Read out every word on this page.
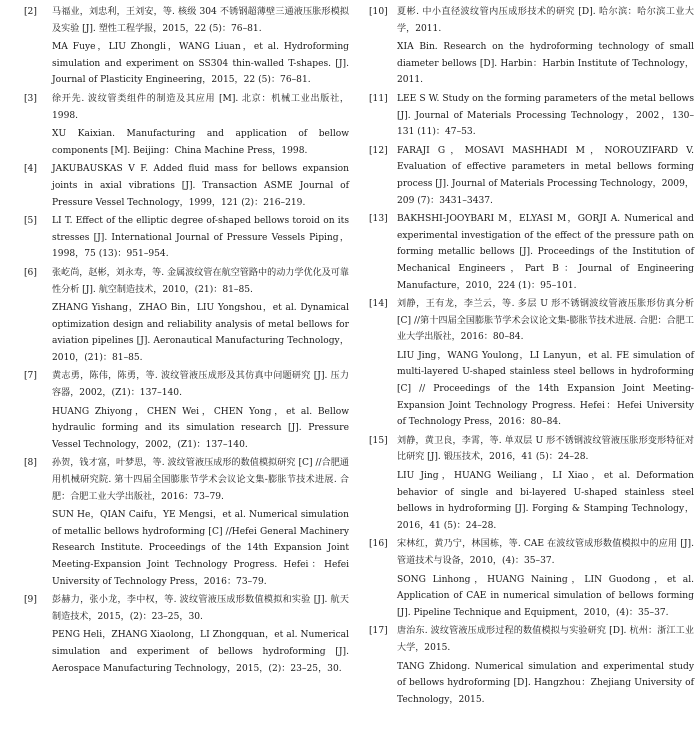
[2]	马福业，刘忠利，王刘安，等. 核级 304 不锈钢超薄壁三通液压胀形模拟及实验 [J]. 塑性工程学报，2015，22 (5)：76–81.
MA Fuye，LIU Zhongli，WANG Liuan，et al. Hydroforming simulation and experiment on SS304 thin-walled T-shapes. [J]. Journal of Plasticity Engineering，2015，22 (5)：76–81.
[3]	徐开先. 波纹管类组件的制造及其应用 [M]. 北京：机械工业出版社，1998.
XU Kaixian. Manufacturing and application of bellow components [M]. Beijing：China Machine Press，1998.
[4]	JAKUBAUSKAS V F. Added fluid mass for bellows expansion joints in axial vibrations [J]. Transaction ASME Journal of Pressure Vessel Technology，1999，121 (2)：216–219.
[5]	LI T. Effect of the elliptic degree of-shaped bellows toroid on its stresses [J]. International Journal of Pressure Vessels Piping，1998，75 (13)：951–954.
[6]	张屹尚，赵彬，刘永寿，等. 金属波纹管在航空管路中的动力学优化及可靠性分析 [J]. 航空制造技术，2010，(21)：81–85.
ZHANG Yishang，ZHAO Bin，LIU Yongshou，et al. Dynamical optimization design and reliability analysis of metal bellows for aviation pipelines [J]. Aeronautical Manufacturing Technology，2010，(21)：81–85.
[7]	黄志勇，陈伟，陈勇，等. 波纹管液压成形及其仿真中问题研究 [J]. 压力容器，2002，(Z1)：137–140.
HUANG Zhiyong，CHEN Wei，CHEN Yong，et al. Bellow hydraulic forming and its simulation research [J]. Pressure Vessel Technology，2002，(Z1)：137–140.
[8]	孙贺，钱才富，叶梦思，等. 波纹管液压成形的数值模拟研究 [C] //合肥通用机械研究院. 第十四届全国膨胀节学术会议论文集-膨胀节技术进展. 合肥：合肥工业大学出版社，2016：73–79.
SUN He，QIAN Caifu，YE Mengsi，et al. Numerical simulation of metallic bellows hydroforming [C] //Hefei General Machinery Research Institute. Proceedings of the 14th Expansion Joint Meeting-Expansion Joint Technology Progress. Hefei：Hefei University of Technology Press，2016：73–79.
[9]	彭赫力，张小龙，李中权，等. 波纹管液压成形数值模拟和实验 [J]. 航天制造技术，2015，(2)：23–25，30.
PENG Heli，ZHANG Xiaolong，LI Zhongquan，et al. Numerical simulation and experiment of bellows hydroforming [J]. Aerospace Manufacturing Technology，2015，(2)：23–25，30.
[10]	夏彬. 中小直径波纹管内压成形技术的研究 [D]. 哈尔滨：哈尔滨工业大学，2011.
XIA Bin. Research on the hydroforming technology of small diameter bellows [D]. Harbin：Harbin Institute of Technology，2011.
[11]	LEE S W. Study on the forming parameters of the metal bellows [J]. Journal of Materials Processing Technology，2002，130–131 (11)：47–53.
[12]	FARAJI G，MOSAVI MASHHADI M，NOROUZIFARD V. Evaluation of effective parameters in metal bellows forming process [J]. Journal of Materials Processing Technology，2009，209 (7)：3431–3437.
[13]	BAKHSHI-JOOYBARI M，ELYASI M，GORJI A. Numerical and experimental investigation of the effect of the pressure path on forming metallic bellows [J]. Proceedings of the Institution of Mechanical Engineers，Part B：Journal of Engineering Manufacture，2010，224 (1)：95–101.
[14]	刘静，王有龙，李兰云，等. 多层 U 形不锈钢波纹管液压胀形仿真分析 [C] //第十四届全国膨胀节学术会议论文集-膨胀节技术进展. 合肥：合肥工业大学出版社，2016：80–84.
LIU Jing，WANG Youlong，LI Lanyun，et al. FE simulation of multi-layered U-shaped stainless steel bellows in hydroforming [C] // Proceedings of the 14th Expansion Joint Meeting-Expansion Joint Technology Progress. Hefei：Hefei University of Technology Press，2016：80–84.
[15]	刘静，黄卫良，李霄，等. 单双层 U 形不锈钢波纹管液压胀形变形特征对比研究 [J]. 锻压技术，2016，41 (5)：24–28.
LIU Jing，HUANG Weiliang，LI Xiao，et al. Deformation behavior of single and bi-layered U-shaped stainless steel bellows in hydroforming [J]. Forging & Stamping Technology，2016，41 (5)：24–28.
[16]	宋林红，黄乃宁，林国栋，等. CAE 在波纹管成形数值模拟中的应用 [J]. 管道技术与设备，2010，(4)：35–37.
SONG Linhong，HUANG Naining，LIN Guodong，et al. Application of CAE in numerical simulation of bellows forming [J]. Pipeline Technique and Equipment，2010，(4)：35–37.
[17]	唐治东. 波纹管液压成形过程的数值模拟与实验研究 [D]. 杭州：浙江工业大学，2015.
TANG Zhidong. Numerical simulation and experimental study of bellows hydroforming [D]. Hangzhou：Zhejiang University of Technology，2015.
